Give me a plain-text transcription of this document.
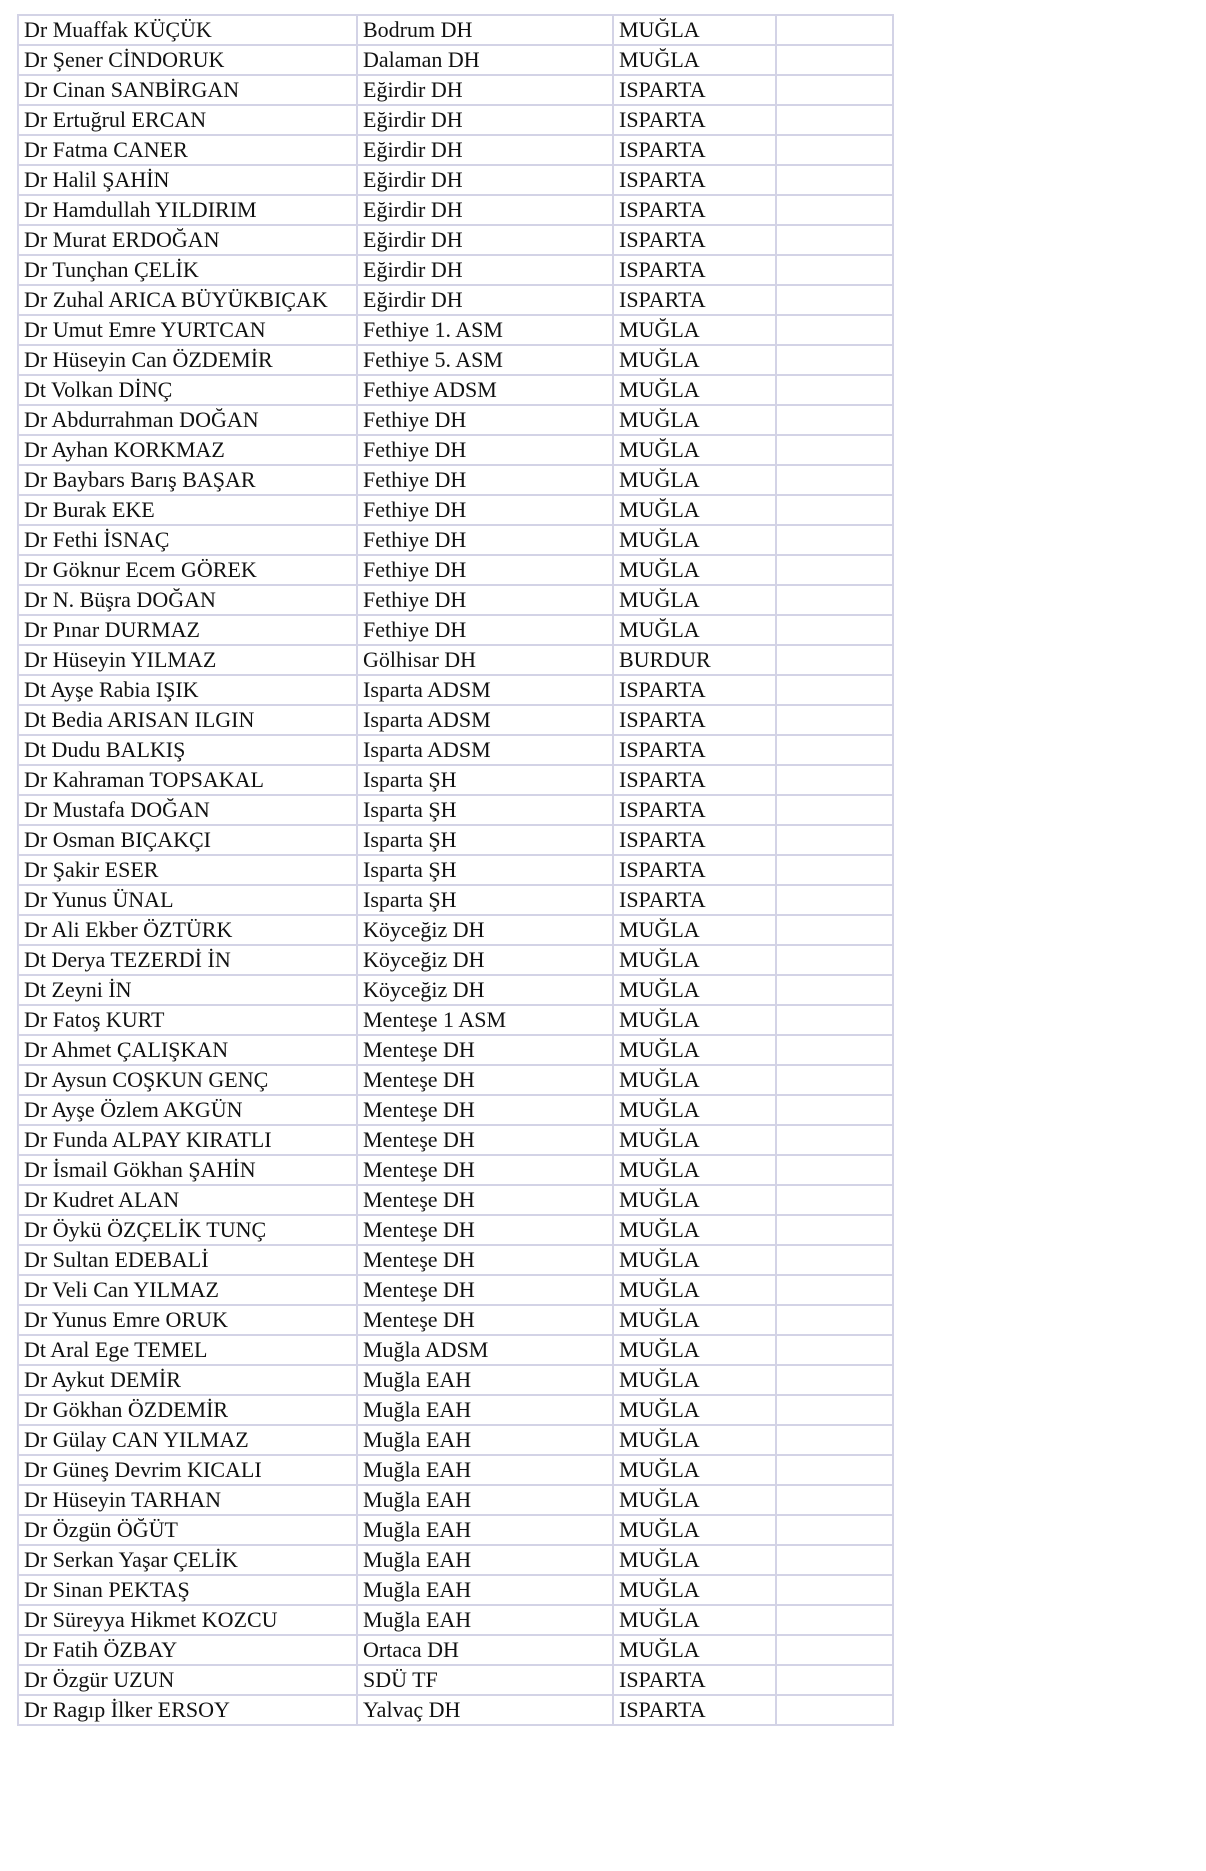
Dr Muaffak KÜÇÜK	Bodrum DH	MUĞLA	
Dr Şener CİNDORUK	Dalaman DH	MUĞLA	
Dr Cinan SANBİRGAN	Eğirdir DH	ISPARTA	
Dr Ertuğrul ERCAN	Eğirdir DH	ISPARTA	
Dr Fatma CANER	Eğirdir DH	ISPARTA	
Dr Halil ŞAHİN	Eğirdir DH	ISPARTA	
Dr Hamdullah YILDIRIM	Eğirdir DH	ISPARTA	
Dr Murat ERDOĞAN	Eğirdir DH	ISPARTA	
Dr Tunçhan ÇELİK	Eğirdir DH	ISPARTA	
Dr Zuhal ARICA BÜYÜKBIÇAK	Eğirdir DH	ISPARTA	
Dr Umut Emre YURTCAN	Fethiye 1. ASM	MUĞLA	
Dr Hüseyin Can ÖZDEMİR	Fethiye 5. ASM	MUĞLA	
Dt Volkan DİNÇ	Fethiye ADSM	MUĞLA	
Dr Abdurrahman DOĞAN	Fethiye DH	MUĞLA	
Dr Ayhan KORKMAZ	Fethiye DH	MUĞLA	
Dr Baybars Barış BAŞAR	Fethiye DH	MUĞLA	
Dr Burak EKE	Fethiye DH	MUĞLA	
Dr Fethi İSNAÇ	Fethiye DH	MUĞLA	
Dr Göknur Ecem GÖREK	Fethiye DH	MUĞLA	
Dr N. Büşra DOĞAN	Fethiye DH	MUĞLA	
Dr Pınar DURMAZ	Fethiye DH	MUĞLA	
Dr Hüseyin YILMAZ	Gölhisar DH	BURDUR	
Dt Ayşe Rabia IŞIK	Isparta ADSM	ISPARTA	
Dt Bedia ARISAN ILGIN	Isparta ADSM	ISPARTA	
Dt Dudu BALKIŞ	Isparta ADSM	ISPARTA	
Dr Kahraman TOPSAKAL	Isparta ŞH	ISPARTA	
Dr Mustafa DOĞAN	Isparta ŞH	ISPARTA	
Dr Osman BIÇAKÇI	Isparta ŞH	ISPARTA	
Dr Şakir ESER	Isparta ŞH	ISPARTA	
Dr Yunus ÜNAL	Isparta ŞH	ISPARTA	
Dr Ali Ekber ÖZTÜRK	Köyceğiz DH	MUĞLA	
Dt Derya TEZERDİ İN	Köyceğiz DH	MUĞLA	
Dt Zeyni İN	Köyceğiz DH	MUĞLA	
Dr Fatoş KURT	Menteşe 1 ASM	MUĞLA	
Dr Ahmet ÇALIŞKAN	Menteşe DH	MUĞLA	
Dr Aysun COŞKUN GENÇ	Menteşe DH	MUĞLA	
Dr Ayşe Özlem AKGÜN	Menteşe DH	MUĞLA	
Dr Funda ALPAY KIRATLI	Menteşe DH	MUĞLA	
Dr İsmail Gökhan ŞAHİN	Menteşe DH	MUĞLA	
Dr Kudret ALAN	Menteşe DH	MUĞLA	
Dr Öykü ÖZÇELİK TUNÇ	Menteşe DH	MUĞLA	
Dr Sultan EDEBALİ	Menteşe DH	MUĞLA	
Dr Veli Can YILMAZ	Menteşe DH	MUĞLA	
Dr Yunus Emre ORUK	Menteşe DH	MUĞLA	
Dt Aral Ege TEMEL	Muğla ADSM	MUĞLA	
Dr Aykut DEMİR	Muğla EAH	MUĞLA	
Dr Gökhan ÖZDEMİR	Muğla EAH	MUĞLA	
Dr Gülay CAN YILMAZ	Muğla EAH	MUĞLA	
Dr Güneş Devrim KICALI	Muğla EAH	MUĞLA	
Dr Hüseyin TARHAN	Muğla EAH	MUĞLA	
Dr Özgün ÖĞÜT	Muğla EAH	MUĞLA	
Dr Serkan Yaşar ÇELİK	Muğla EAH	MUĞLA	
Dr Sinan PEKTAŞ	Muğla EAH	MUĞLA	
Dr Süreyya Hikmet KOZCU	Muğla EAH	MUĞLA	
Dr Fatih ÖZBAY	Ortaca DH	MUĞLA	
Dr Özgür UZUN	SDÜ TF	ISPARTA	
Dr Ragıp İlker ERSOY	Yalvaç DH	ISPARTA	
